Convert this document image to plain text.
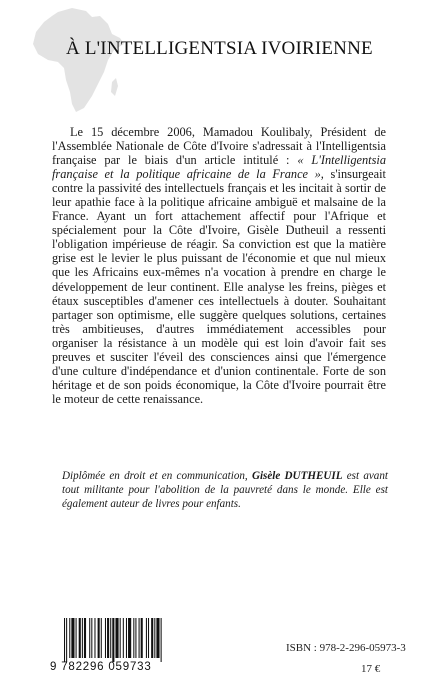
À L'INTELLIGENTSIA IVOIRIENNE

Le 15 décembre 2006, Mamadou Koulibaly, Président de l'Assemblée Nationale de Côte d'Ivoire s'adressait à l'Intelligentsia française par le biais d'un article intitulé : « L'Intelligentsia française et la politique africaine de la France », s'insurgeait contre la passivité des intellectuels français et les incitait à sortir de leur apathie face à la politique africaine ambiguë et malsaine de la France. Ayant un fort attachement affectif pour l'Afrique et spécialement pour la Côte d'Ivoire, Gisèle Dutheuil a ressenti l'obligation impérieuse de réagir. Sa conviction est que la matière grise est le levier le plus puissant de l'économie et que nul mieux que les Africains eux-mêmes n'a vocation à prendre en charge le développement de leur continent. Elle analyse les freins, pièges et étaux susceptibles d'amener ces intellectuels à douter. Souhaitant partager son optimisme, elle suggère quelques solutions, certaines très ambitieuses, d'autres immédiatement accessibles pour organiser la résistance à un modèle qui est loin d'avoir fait ses preuves et susciter l'éveil des consciences ainsi que l'émergence d'une culture d'indépendance et d'union continentale. Forte de son héritage et de son poids économique, la Côte d'Ivoire pourrait être le moteur de cette renaissance.

Diplômée en droit et en communication, Gisèle DUTHEUIL est avant tout militante pour l'abolition de la pauvreté dans le monde. Elle est également auteur de livres pour enfants.
9 782296 059733
ISBN : 978-2-296-05973-3
17 €
